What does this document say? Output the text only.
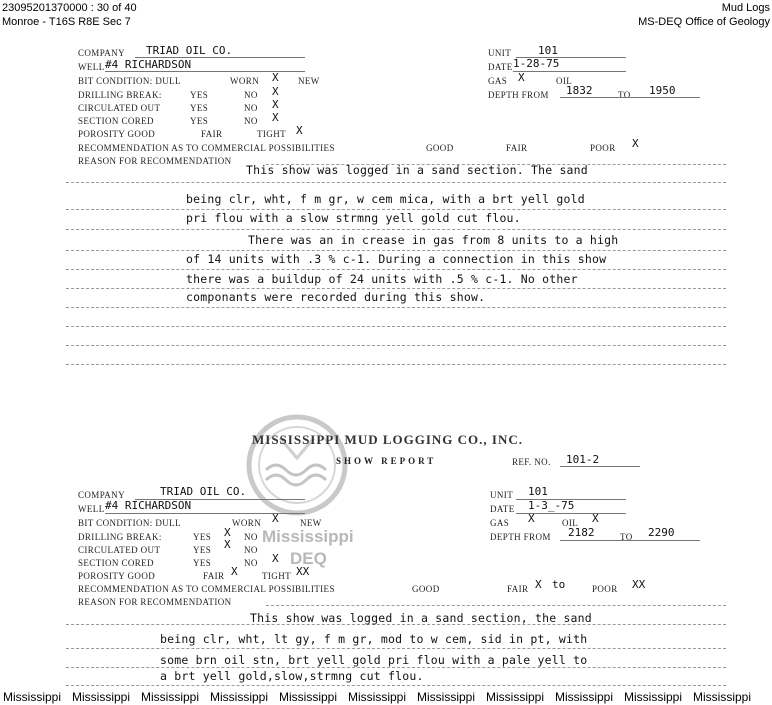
23095201370000 : 30 of 40
Monroe - T16S R8E Sec 7
Mud Logs
MS-DEQ Office of Geology
COMPANY TRIAD OIL CO.
WELL #4 RICHARDSON
BIT CONDITION: DULL	WORN X NEW
DRILLING BREAK:	YES	NO X
CIRCULATED OUT	YES	NO X
SECTION CORED	YES	NO X
POROSITY GOOD	FAIR	TIGHT X
RECOMMENDATION AS TO COMMERCIAL POSSIBILITIES	GOOD	FAIR	POOR X
REASON FOR RECOMMENDATION
UNIT 101
DATE 1-28-75
GAS X	OIL
DEPTH FROM 1832	TO 1950
This show was logged in a sand section. The sand
being clr, wht, f m gr, w cem mica, with a brt yell gold
pri flou with a slow strmng yell gold cut flou.
There was an in crease in gas from 8 units to a high
of 14 units with .3 % c-1. During a connection in this show
there was a buildup of 24 units with .5 % c-1. No other
componants were recorded during this show.
Mississippi
DEQ
MISSISSIPPI MUD LOGGING CO., INC.
SHOW REPORT	REF. NO. 101-2
COMPANY	TRIAD OIL CO.
WELL #4 RICHARDSON
BIT CONDITION: DULL	WORN X NEW
DRILLING BREAK:	YES X NO
CIRCULATED OUT	YES X NO
SECTION CORED	YES	NO X
POROSITY GOOD	FAIR X	TIGHT XX
RECOMMENDATION AS TO COMMERCIAL POSSIBILITIES	GOOD	FAIR X to	POOR XX
REASON FOR RECOMMENDATION
UNIT 101
DATE 1-3_-75
GAS X	OIL X
DEPTH FROM 2182	TO 2290
This show was logged in a sand section, the sand
being clr, wht, lt gy, f m gr, mod to w cem, sid in pt, with
some brn oil stn, brt yell gold pri flou with a pale yell to
a brt yell gold,slow,strmng cut flou.
Mississippi Mississippi Mississippi Mississippi Mississippi Mississippi Mississippi Mississippi Mississippi Mississippi Mississippi
